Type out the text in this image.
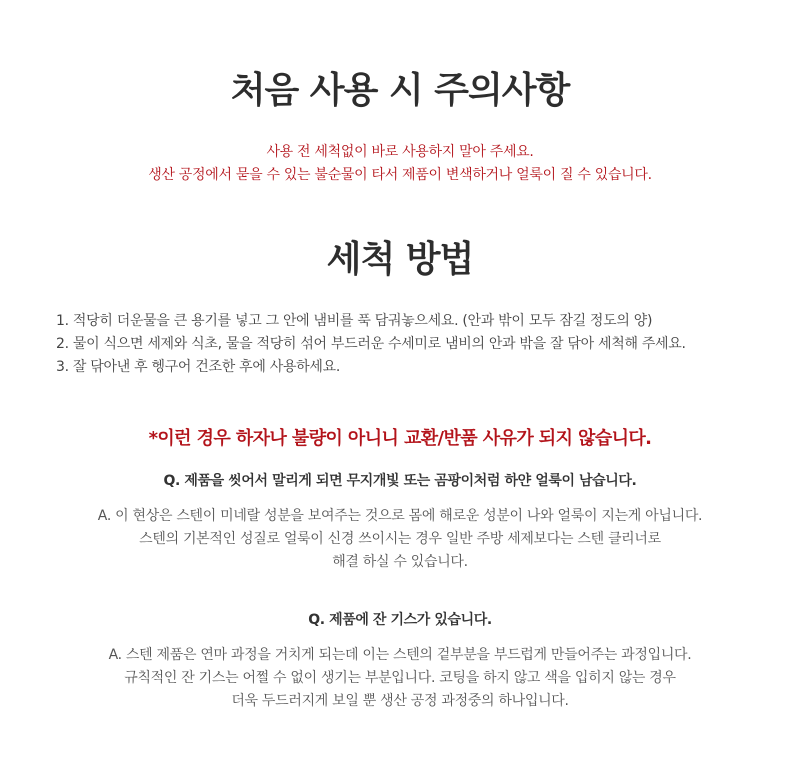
처음 사용 시 주의사항
사용 전 세척없이 바로 사용하지 말아 주세요.
생산 공정에서 묻을 수 있는 불순물이 타서 제품이 변색하거나 얼룩이 질 수 있습니다.
세척 방법
1. 적당히 더운물을 큰 용기를 넣고 그 안에 냄비를 푹 담궈놓으세요. (안과 밖이 모두 잠길 정도의 양)
2. 물이 식으면 세제와 식초, 물을 적당히 섞어 부드러운 수세미로 냄비의 안과 밖을 잘 닦아 세척해 주세요.
3. 잘 닦아낸 후 헹구어 건조한 후에 사용하세요.
*이런 경우 하자나 불량이 아니니 교환/반품 사유가 되지 않습니다.
Q. 제품을 씻어서 말리게 되면 무지개빛 또는 곰팡이처럼 하얀 얼룩이 남습니다.
A. 이 현상은 스텐이 미네랄 성분을 보여주는 것으로 몸에 해로운 성분이 나와 얼룩이 지는게 아닙니다.
스텐의 기본적인 성질로 얼룩이 신경 쓰이시는 경우 일반 주방 세제보다는 스텐 클리너로
해결 하실 수 있습니다.
Q. 제품에 잔 기스가 있습니다.
A. 스텐 제품은 연마 과정을 거치게 되는데 이는 스텐의 겉부분을 부드럽게 만들어주는 과정입니다.
규칙적인 잔 기스는 어쩔 수 없이 생기는 부분입니다. 코팅을 하지 않고 색을 입히지 않는 경우
더욱 두드러지게 보일 뿐 생산 공정 과정중의 하나입니다.
